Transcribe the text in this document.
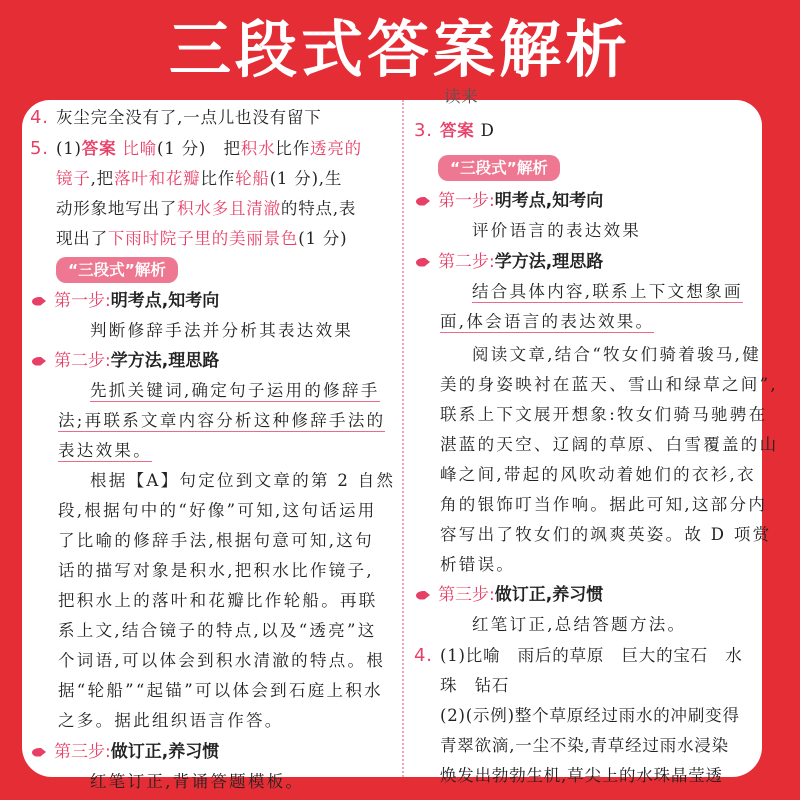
三段式答案解析
4. 灰尘完全没有了,一点儿也没有留下
5. (1)答案 比喻(1 分)　 把积水比作透亮的
镜子,把落叶和花瓣比作轮船(1 分),生
动形象地写出了积水多且清澈的特点,表
现出了下雨时院子里的美丽景色(1 分)
“三段式”解析
第一步:明考点,知考向
判断修辞手法并分析其表达效果
第二步:学方法,理思路
先抓关键词,确定句子运用的修辞手
法;再联系文章内容分析这种修辞手法的
表达效果。
根据【A】句定位到文章的第 2 自然
段,根据句中的“好像”可知,这句话运用
了比喻的修辞手法,根据句意可知,这句
话的描写对象是积水,把积水比作镜子,
把积水上的落叶和花瓣比作轮船。再联
系上文,结合镜子的特点,以及“透亮”这
个词语,可以体会到积水清澈的特点。根
据“轮船”“起锚”可以体会到石庭上积水
之多。据此组织语言作答。
第三步:做订正,养习惯
红笔订正,背诵答题模板。
读来
3. 答案 D
“三段式”解析
第一步:明考点,知考向
评价语言的表达效果
第二步:学方法,理思路
结合具体内容,联系上下文想象画
面,体会语言的表达效果。
阅读文章,结合“牧女们骑着骏马,健
美的身姿映衬在蓝天、雪山和绿草之间”,
联系上下文展开想象:牧女们骑马驰骋在
湛蓝的天空、辽阔的草原、白雪覆盖的山
峰之间,带起的风吹动着她们的衣衫,衣
角的银饰叮当作响。据此可知,这部分内
容写出了牧女们的飒爽英姿。故 D 项赏
析错误。
第三步:做订正,养习惯
红笔订正,总结答题方法。
4. (1)比喻　雨后的草原　巨大的宝石　水
珠　钻石
(2)(示例)整个草原经过雨水的冲刷变得
青翠欲滴,一尘不染,青草经过雨水浸染
焕发出勃勃生机,草尖上的水珠晶莹透
